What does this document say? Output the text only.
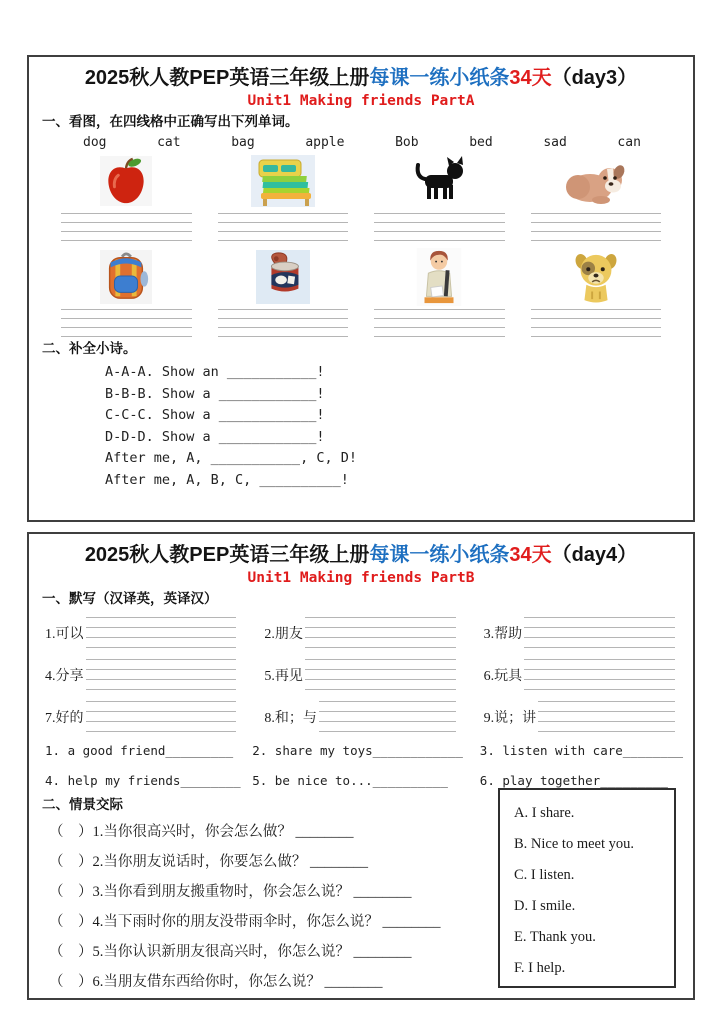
2025秋人教PEP英语三年级上册每课一练小纸条34天（day3）
Unit1 Making friends PartA
一、看图，在四线格中正确写出下列单词。
dog	cat	bag	apple	Bob	bed	sad	can
二、补全小诗。
A-A-A. Show an ___________!
B-B-B. Show a ____________!
C-C-C. Show a ____________!
D-D-D. Show a ____________!
After me, A, ___________, C, D!
After me, A, B, C, __________!
2025秋人教PEP英语三年级上册每课一练小纸条34天（day4）
Unit1 Making friends PartB
一、默写（汉译英，英译汉）
1.可以	2.朋友	3.帮助
4.分享	5.再见	6.玩具
7.好的	8.和；与	9.说；讲
1. a good friend_________	2. share my toys____________	3. listen with care________
4. help my friends________ 5. be nice to...__________	6. play together_________
二、情景交际
（　）1.当你很高兴时，你会怎么做？ ________
（　）2.当你朋友说话时，你要怎么做？ ________
（　）3.当你看到朋友搬重物时，你会怎么说？ ________
（　）4.当下雨时你的朋友没带雨伞时，你怎么说？ ________
（　）5.当你认识新朋友很高兴时，你怎么说？ ________
（　）6.当朋友借东西给你时，你怎么说？ ________
A. I share.
B. Nice to meet you.
C. I listen.
D. I smile.
E. Thank you.
F. I help.
